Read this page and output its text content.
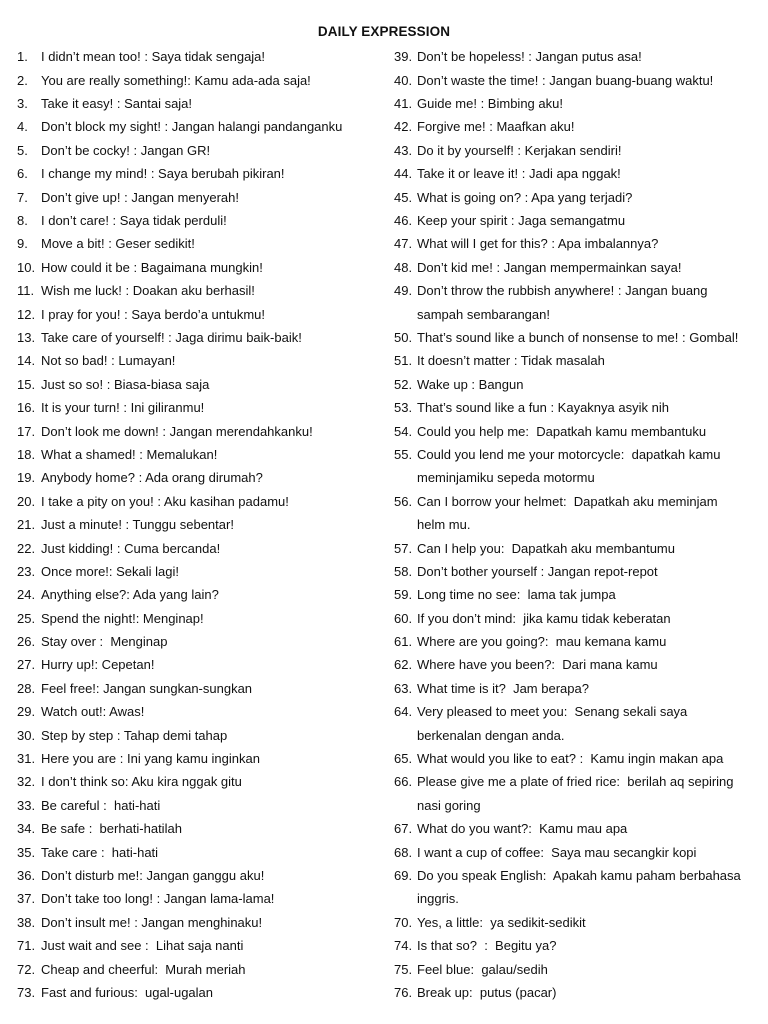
DAILY EXPRESSION
1.	I didn’t mean too! : Saya tidak sengaja!
2.	You are really something!: Kamu ada-ada saja!
3.	Take it easy! : Santai saja!
4.	Don’t block my sight! : Jangan halangi pandanganku
5.	Don’t be cocky! : Jangan GR!
6.	I change my mind! : Saya berubah pikiran!
7.	Don’t give up! : Jangan menyerah!
8.	I don’t care! : Saya tidak perduli!
9.	Move a bit! : Geser sedikit!
10. How could it be : Bagaimana mungkin!
11. Wish me luck! : Doakan aku berhasil!
12. I pray for you! : Saya berdo’a untukmu!
13. Take care of yourself! : Jaga dirimu baik-baik!
14. Not so bad! : Lumayan!
15. Just so so! : Biasa-biasa saja
16. It is your turn! : Ini giliranmu!
17. Don’t look me down! : Jangan merendahkanku!
18. What a shamed! : Memalukan!
19. Anybody home? : Ada orang dirumah?
20. I take a pity on you! : Aku kasihan padamu!
21. Just a minute! : Tunggu sebentar!
22. Just kidding! : Cuma bercanda!
23. Once more!: Sekali lagi!
24. Anything else?: Ada yang lain?
25. Spend the night!: Menginap!
26. Stay over :  Menginap
27. Hurry up!: Cepetan!
28. Feel free!: Jangan sungkan-sungkan
29. Watch out!: Awas!
30. Step by step : Tahap demi tahap
31. Here you are : Ini yang kamu inginkan
32. I don’t think so: Aku kira nggak gitu
33. Be careful :  hati-hati
34. Be safe :  berhati-hatilah
35. Take care :  hati-hati
36. Don’t disturb me!: Jangan ganggu aku!
37. Don’t take too long! : Jangan lama-lama!
38. Don’t insult me! : Jangan menghinaku!
71. Just wait and see :  Lihat saja nanti
72. Cheap and cheerful:  Murah meriah
73. Fast and furious:  ugal-ugalan
39. Don’t be hopeless! : Jangan putus asa!
40. Don’t waste the time! : Jangan buang-buang waktu!
41. Guide me! : Bimbing aku!
42. Forgive me! : Maafkan aku!
43. Do it by yourself! : Kerjakan sendiri!
44. Take it or leave it! : Jadi apa nggak!
45. What is going on? : Apa yang terjadi?
46. Keep your spirit : Jaga semangatmu
47. What will I get for this? : Apa imbalannya?
48. Don’t kid me! : Jangan mempermainkan saya!
49. Don’t throw the rubbish anywhere! : Jangan buang
sampah sembarangan!
50. That’s sound like a bunch of nonsense to me! : Gombal!
51. It doesn’t matter : Tidak masalah
52. Wake up : Bangun
53. That’s sound like a fun : Kayaknya asyik nih
54. Could you help me:  Dapatkah kamu membantuku
55. Could you lend me your motorcycle:  dapatkah kamu
meminjamiku sepeda motormu
56. Can I borrow your helmet:  Dapatkah aku meminjam
helm mu.
57. Can I help you:  Dapatkah aku membantumu
58. Don’t bother yourself : Jangan repot-repot
59. Long time no see:  lama tak jumpa
60. If you don’t mind:  jika kamu tidak keberatan
61. Where are you going?:  mau kemana kamu
62. Where have you been?:  Dari mana kamu
63. What time is it?  Jam berapa?
64. Very pleased to meet you:  Senang sekali saya
berkenalan dengan anda.
65. What would you like to eat? :  Kamu ingin makan apa
66. Please give me a plate of fried rice:  berilah aq sepiring
nasi goring
67. What do you want?:  Kamu mau apa
68. I want a cup of coffee:  Saya mau secangkir kopi
69. Do you speak English:  Apakah kamu paham berbahasa
inggris.
70. Yes, a little:  ya sedikit-sedikit
74. Is that so?  :  Begitu ya?
75. Feel blue:  galau/sedih
76. Break up:  putus (pacar)
